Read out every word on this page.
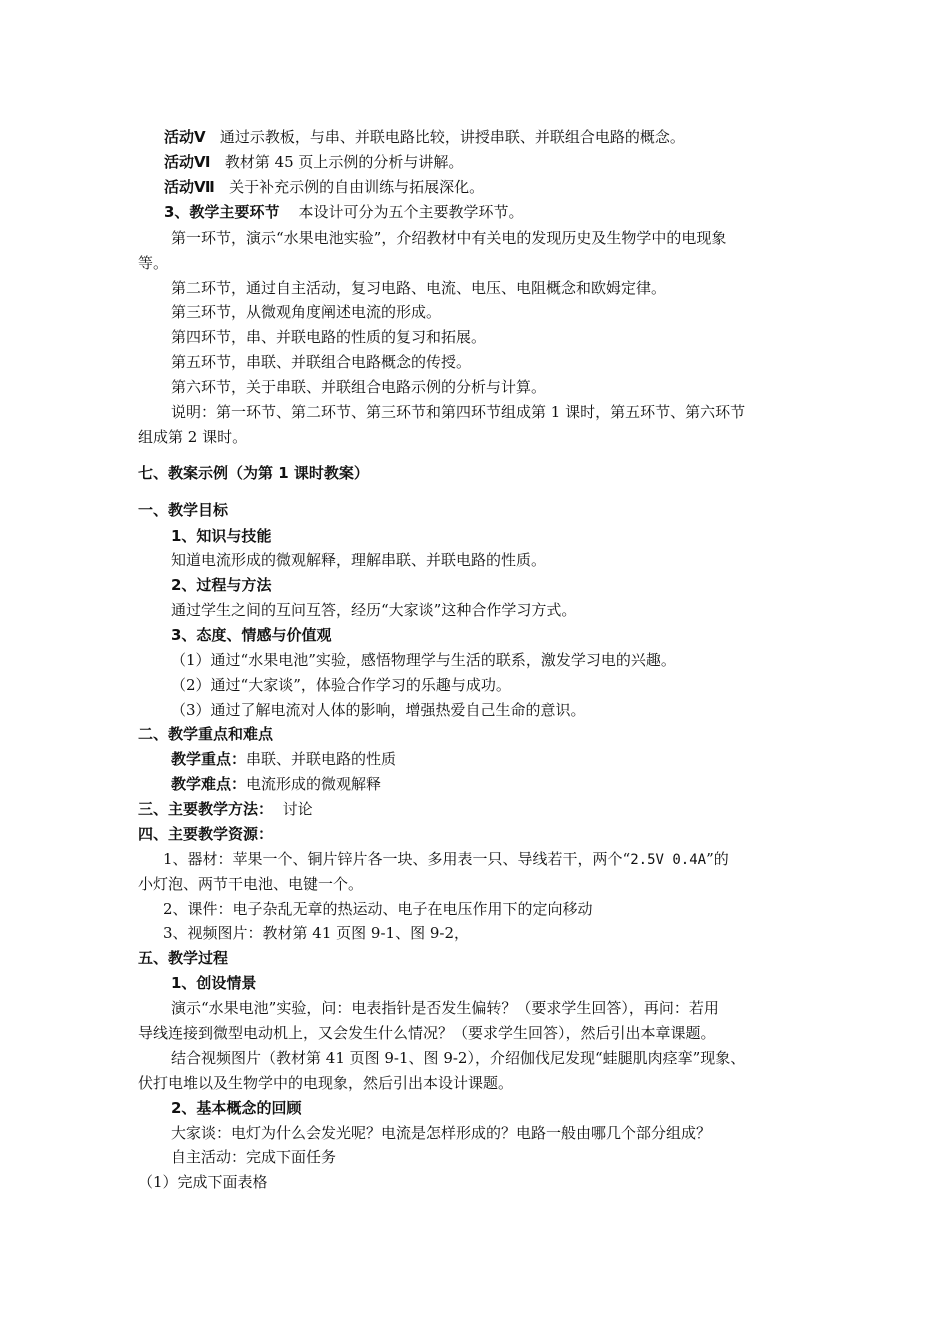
活动Ⅴ 通过示教板，与串、并联电路比较，讲授串联、并联组合电路的概念。
活动Ⅵ 教材第 45 页上示例的分析与讲解。
活动Ⅶ 关于补充示例的自由训练与拓展深化。
3、教学主要环节 本设计可分为五个主要教学环节。
第一环节，演示“水果电池实验”，介绍教材中有关电的发现历史及生物学中的电现象
等。
第二环节，通过自主活动，复习电路、电流、电压、电阻概念和欧姆定律。
第三环节，从微观角度阐述电流的形成。
第四环节，串、并联电路的性质的复习和拓展。
第五环节，串联、并联组合电路概念的传授。
第六环节，关于串联、并联组合电路示例的分析与计算。
说明：第一环节、第二环节、第三环节和第四环节组成第 1 课时，第五环节、第六环节
组成第 2 课时。
七、教案示例（为第 1 课时教案）
一、教学目标
1、知识与技能
知道电流形成的微观解释，理解串联、并联电路的性质。
2、过程与方法
通过学生之间的互问互答，经历“大家谈”这种合作学习方式。
3、态度、情感与价值观
（1）通过“水果电池”实验，感悟物理学与生活的联系，激发学习电的兴趣。
（2）通过“大家谈”，体验合作学习的乐趣与成功。
（3）通过了解电流对人体的影响，增强热爱自己生命的意识。
二、教学重点和难点
教学重点：串联、并联电路的性质
教学难点：电流形成的微观解释
三、主要教学方法： 讨论
四、主要教学资源：
1、器材：苹果一个、铜片锌片各一块、多用表一只、导线若干，两个“2.5V 0.4A”的
小灯泡、两节干电池、电键一个。
2、课件：电子杂乱无章的热运动、电子在电压作用下的定向移动
3、视频图片：教材第 41 页图 9-1、图 9-2，
五、教学过程
1、创设情景
演示“水果电池”实验，问：电表指针是否发生偏转？（要求学生回答），再问：若用
导线连接到微型电动机上，又会发生什么情况？（要求学生回答），然后引出本章课题。
结合视频图片（教材第 41 页图 9-1、图 9-2），介绍伽伐尼发现“蛙腿肌肉痉挛”现象、
伏打电堆以及生物学中的电现象，然后引出本设计课题。
2、基本概念的回顾
大家谈：电灯为什么会发光呢？电流是怎样形成的？电路一般由哪几个部分组成？
自主活动：完成下面任务
（1）完成下面表格
